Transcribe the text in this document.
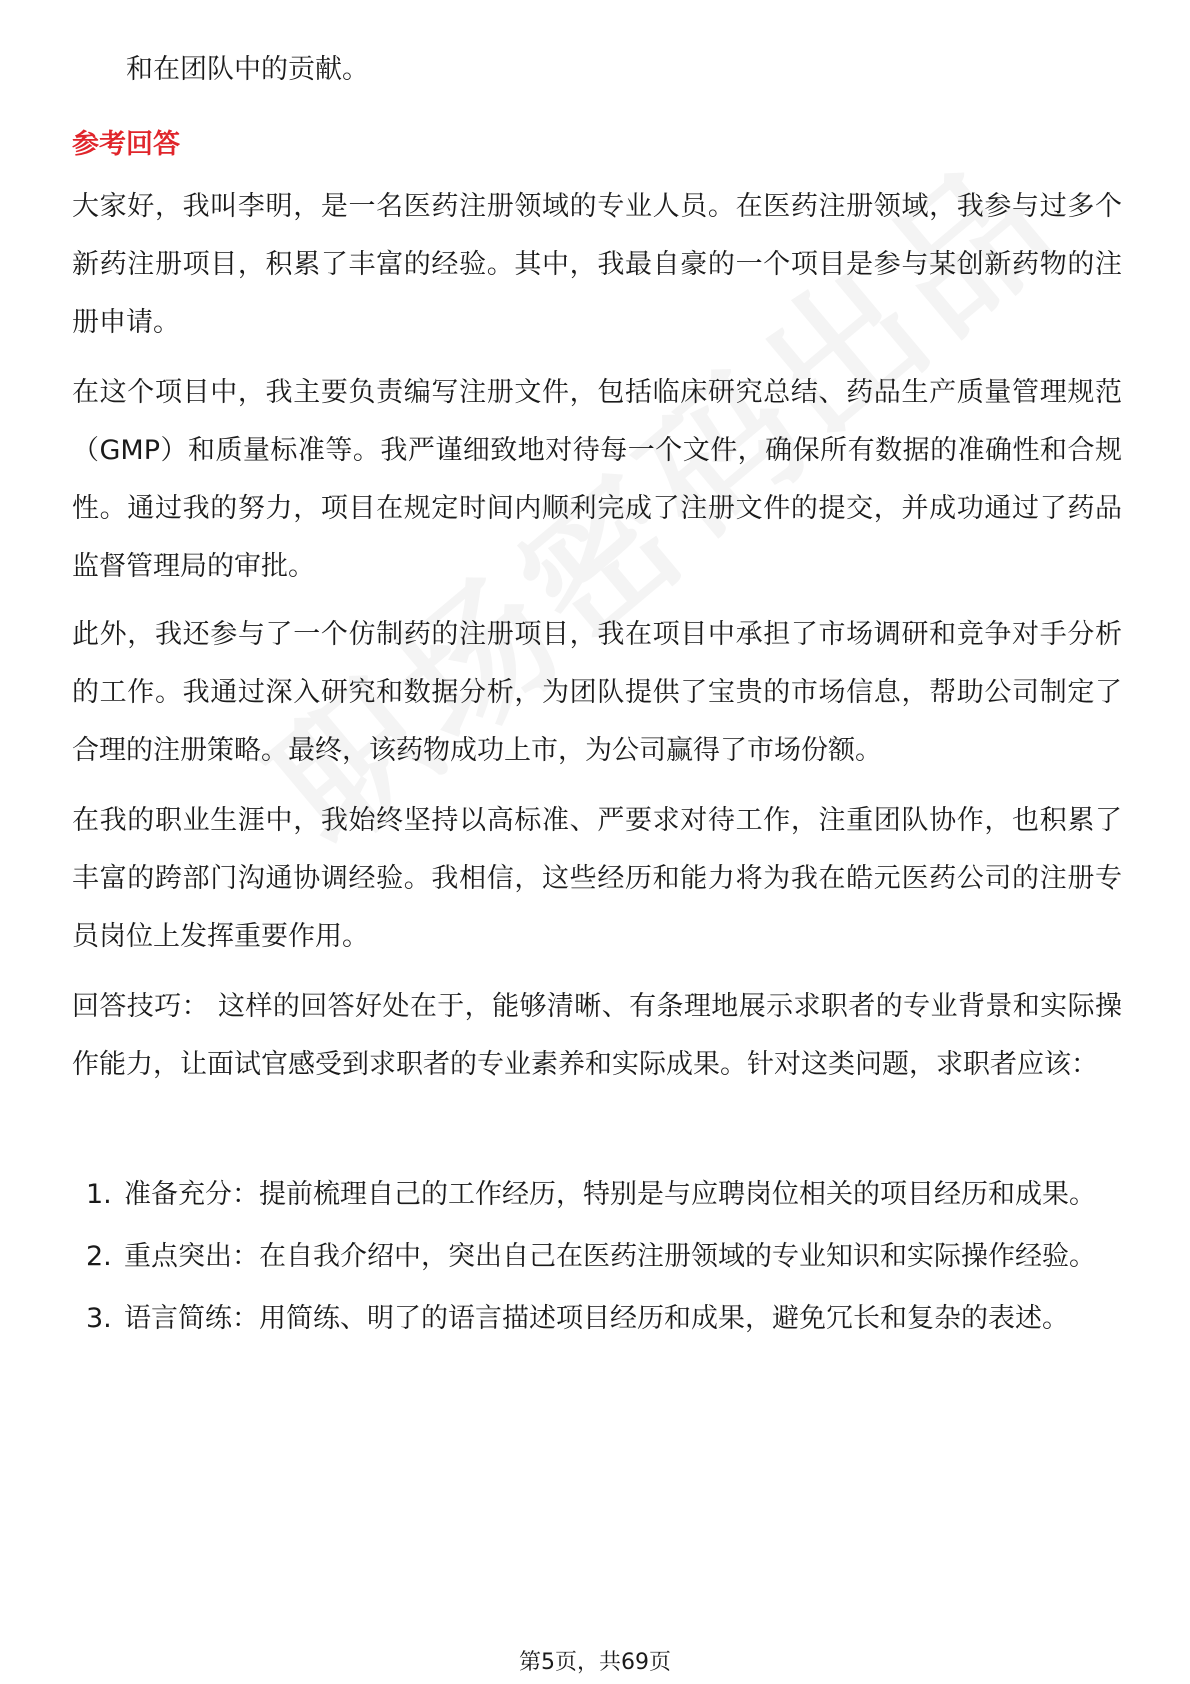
和在团队中的贡献。

参考回答

大家好，我叫李明，是一名医药注册领域的专业人员。在医药注册领域，我参与过多个新药注册项目，积累了丰富的经验。其中，我最自豪的一个项目是参与某创新药物的注册申请。

在这个项目中，我主要负责编写注册文件，包括临床研究总结、药品生产质量管理规范（GMP）和质量标准等。我严谨细致地对待每一个文件，确保所有数据的准确性和合规性。通过我的努力，项目在规定时间内顺利完成了注册文件的提交，并成功通过了药品监督管理局的审批。

此外，我还参与了一个仿制药的注册项目，我在项目中承担了市场调研和竞争对手分析的工作。我通过深入研究和数据分析，为团队提供了宝贵的市场信息，帮助公司制定了合理的注册策略。最终，该药物成功上市，为公司赢得了市场份额。

在我的职业生涯中，我始终坚持以高标准、严要求对待工作，注重团队协作，也积累了丰富的跨部门沟通协调经验。我相信，这些经历和能力将为我在皓元医药公司的注册专员岗位上发挥重要作用。

回答技巧： 这样的回答好处在于，能够清晰、有条理地展示求职者的专业背景和实际操作能力，让面试官感受到求职者的专业素养和实际成果。针对这类问题，求职者应该：

1. 准备充分：提前梳理自己的工作经历，特别是与应聘岗位相关的项目经历和成果。
2. 重点突出：在自我介绍中，突出自己在医药注册领域的专业知识和实际操作经验。
3. 语言简练：用简练、明了的语言描述项目经历和成果，避免冗长和复杂的表述。

第5页，共69页
